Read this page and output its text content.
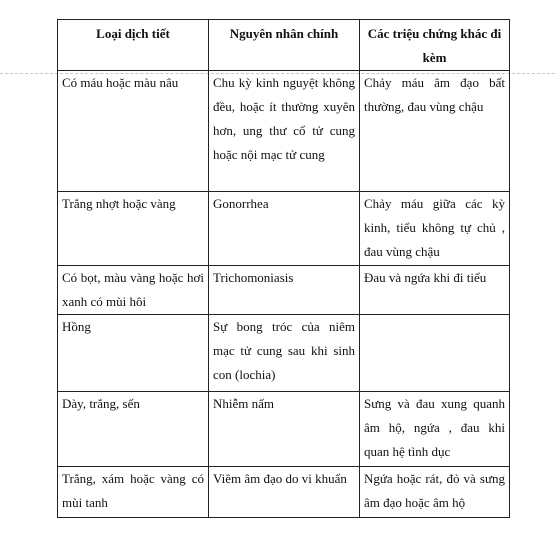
Loại dịch tiết	Nguyên nhân chính	Các triệu chứng khác đi kèm
Có máu hoặc màu nâu	Chu kỳ kinh nguyệt không đều, hoặc ít thường xuyên hơn, ung thư cổ tử cung hoặc nội mạc tử cung	Chảy máu âm đạo bất thường, đau vùng chậu
Trắng nhợt hoặc vàng	Gonorrhea	Chảy máu giữa các kỳ kinh, tiểu không tự chủ , đau vùng chậu
Có bọt, màu vàng hoặc hơi xanh có mùi hôi	Trichomoniasis	Đau và ngứa khi đi tiểu
Hồng	Sự bong tróc của niêm mạc tử cung sau khi sinh con (lochia)	
Dày, trắng, sến	Nhiễm nấm	Sưng và đau xung quanh âm hộ, ngứa , đau khi quan hệ tình dục
Trắng, xám hoặc vàng có mùi tanh	Viêm âm đạo do vi khuẩn	Ngứa hoặc rát, đỏ và sưng âm đạo hoặc âm hộ
